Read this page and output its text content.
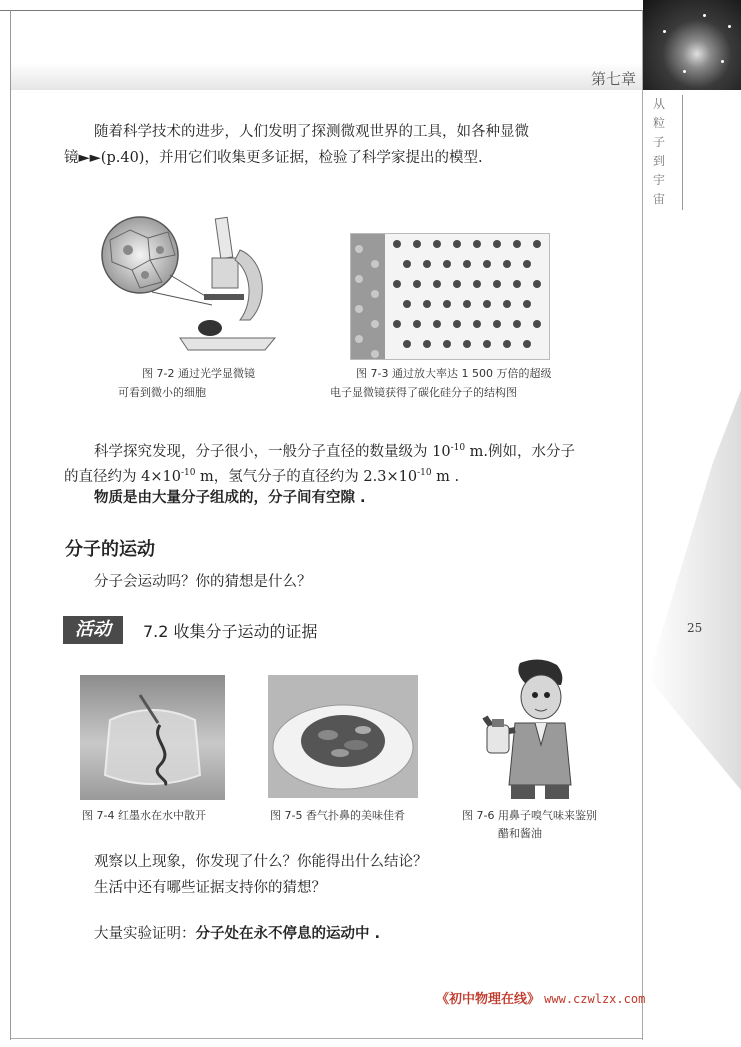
第七章
从
粒
子
到
宇
宙
25
随着科学技术的进步，人们发明了探测微观世界的工具，如各种显微
镜►►(p.40)，并用它们收集更多证据，检验了科学家提出的模型.
图 7-2 通过光学显微镜
可看到微小的细胞
图 7-3 通过放大率达 1 500 万倍的超级
电子显微镜获得了碳化硅分子的结构图
科学探究发现，分子很小，一般分子直径的数量级为 $10^{-10}$ m.例如，水分子
的直径约为 $4\times 10^{-10}$ m，氢气分子的直径约为 $2.3\times 10^{-10}$ m .
物质是由大量分子组成的，分子间有空隙 .
分子的运动
分子会运动吗？你的猜想是什么？
活动	7.2 收集分子运动的证据
图 7-4 红墨水在水中散开	图 7-5 香气扑鼻的美味佳肴	图 7-6 用鼻子嗅气味来鉴别
醋和酱油
观察以上现象，你发现了什么？你能得出什么结论？
生活中还有哪些证据支持你的猜想？
大量实验证明：分子处在永不停息的运动中 .
《初中物理在线》 www.czwlzx.com
